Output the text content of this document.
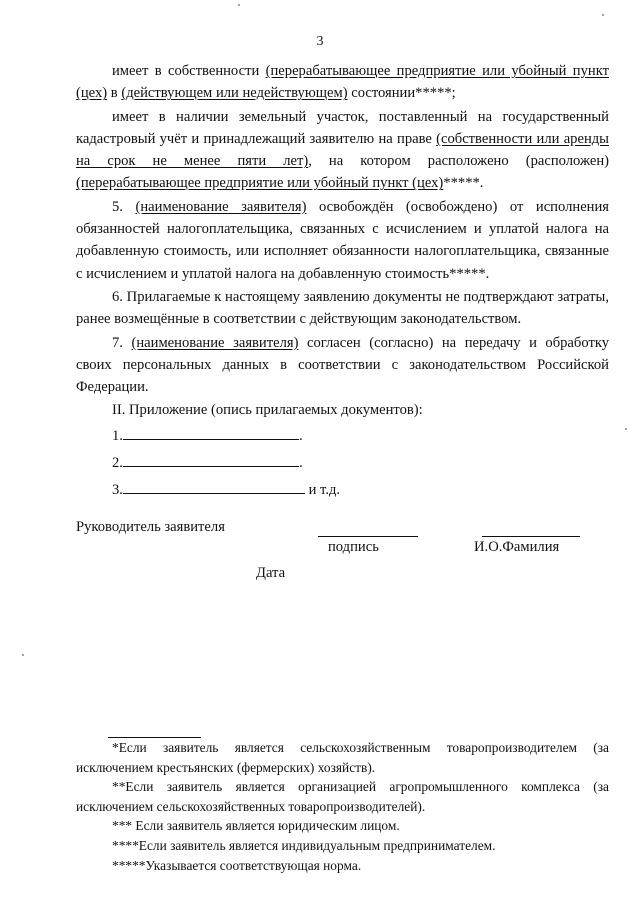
3

имеет в собственности (перерабатывающее предприятие или убойный пункт (цех) в (действующем или недействующем) состоянии*****;

имеет в наличии земельный участок, поставленный на государственный кадастровый учёт и принадлежащий заявителю на праве (собственности или аренды на срок не менее пяти лет), на котором расположено (расположен) (перерабатывающее предприятие или убойный пункт (цех)*****.

5. (наименование заявителя) освобождён (освобождено) от исполнения обязанностей налогоплательщика, связанных с исчислением и уплатой налога на добавленную стоимость, или исполняет обязанности налогоплательщика, связанные с исчислением и уплатой налога на добавленную стоимость*****.

6. Прилагаемые к настоящему заявлению документы не подтверждают затраты, ранее возмещённые в соответствии с действующим законодательством.

7. (наименование заявителя) согласен (согласно) на передачу и обработку своих персональных данных в соответствии с законодательством Российской Федерации.

II. Приложение (опись прилагаемых документов):

1.	.
2.	.
3.	и т.д.
Руководитель заявителя
подпись	И.О.Фамилия
Дата

*Если заявитель является сельскохозяйственным товаропроизводителем (за исключением крестьянских (фермерских) хозяйств).

**Если заявитель является организацией агропромышленного комплекса (за исключением сельскохозяйственных товаропроизводителей).

*** Если заявитель является юридическим лицом.

****Если заявитель является индивидуальным предпринимателем.

*****Указывается соответствующая норма.
